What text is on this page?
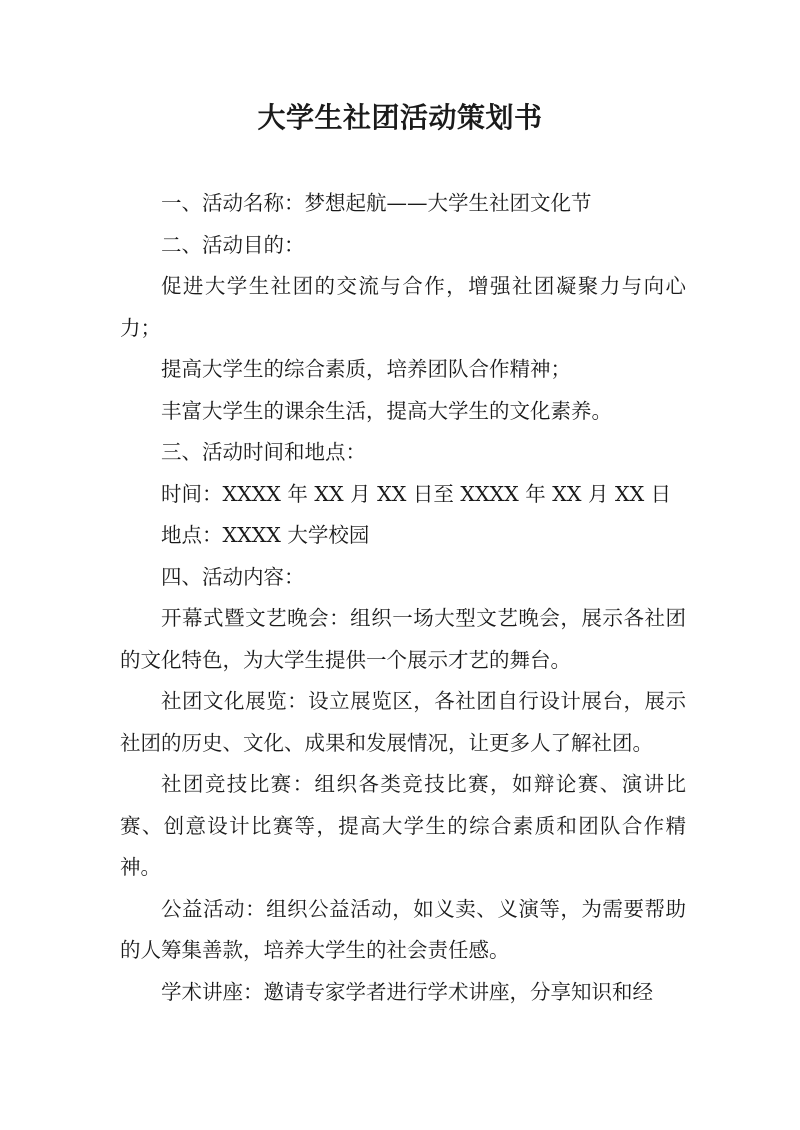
大学生社团活动策划书

一、活动名称：梦想起航——大学生社团文化节

二、活动目的：

促进大学生社团的交流与合作，增强社团凝聚力与向心力；

提高大学生的综合素质，培养团队合作精神；

丰富大学生的课余生活，提高大学生的文化素养。

三、活动时间和地点：

时间：XXXX 年 XX 月 XX 日至 XXXX 年 XX 月 XX 日

地点：XXXX 大学校园

四、活动内容：

开幕式暨文艺晚会：组织一场大型文艺晚会，展示各社团的文化特色，为大学生提供一个展示才艺的舞台。

社团文化展览：设立展览区，各社团自行设计展台，展示社团的历史、文化、成果和发展情况，让更多人了解社团。

社团竞技比赛：组织各类竞技比赛，如辩论赛、演讲比赛、创意设计比赛等，提高大学生的综合素质和团队合作精神。

公益活动：组织公益活动，如义卖、义演等，为需要帮助的人筹集善款，培养大学生的社会责任感。

学术讲座：邀请专家学者进行学术讲座，分享知识和经
